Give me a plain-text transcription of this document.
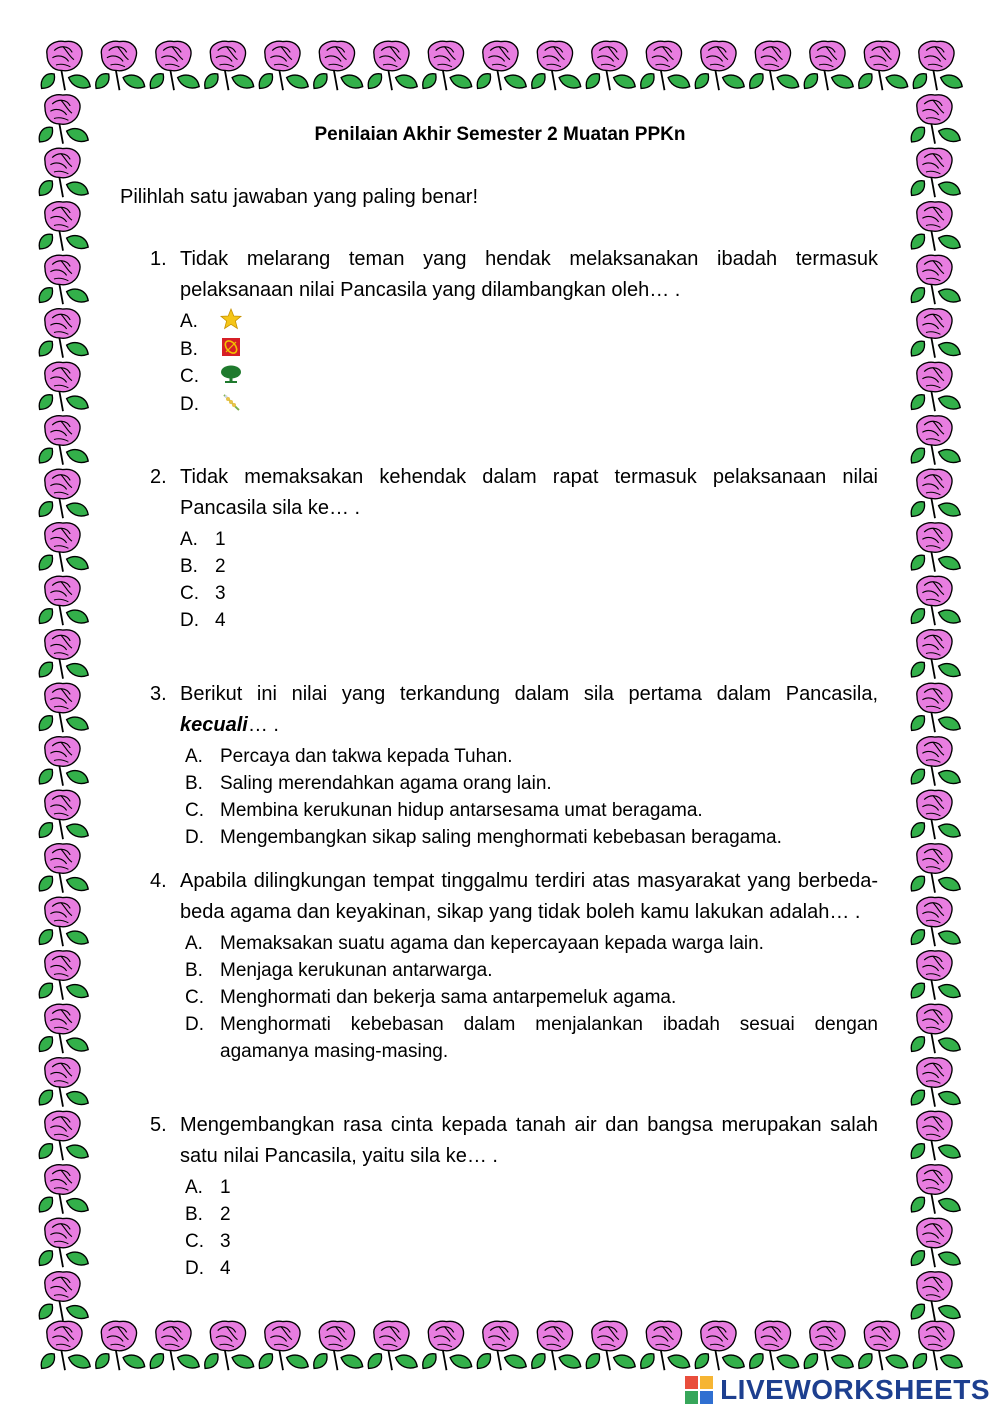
Penilaian Akhir Semester 2 Muatan PPKn
Pilihlah satu jawaban yang paling benar!
1. Tidak melarang teman yang hendak melaksanakan ibadah termasuk pelaksanaan nilai Pancasila yang dilambangkan oleh… .
A.
B.
C.
D.
2. Tidak memaksakan kehendak dalam rapat termasuk pelaksanaan nilai Pancasila sila ke… .
A. 1
B. 2
C. 3
D. 4
3. Berikut ini nilai yang terkandung dalam sila pertama dalam Pancasila, kecuali… .
A. Percaya dan takwa kepada Tuhan.
B. Saling merendahkan agama orang lain.
C. Membina kerukunan hidup antarsesama umat beragama.
D. Mengembangkan sikap saling menghormati kebebasan beragama.
4. Apabila dilingkungan tempat tinggalmu terdiri atas masyarakat yang berbeda-beda agama dan keyakinan, sikap yang tidak boleh kamu lakukan adalah… .
A. Memaksakan suatu agama dan kepercayaan kepada warga lain.
B. Menjaga kerukunan antarwarga.
C. Menghormati dan bekerja sama antarpemeluk agama.
D. Menghormati kebebasan dalam menjalankan ibadah sesuai dengan agamanya masing-masing.
5. Mengembangkan rasa cinta kepada tanah air dan bangsa merupakan salah satu nilai Pancasila, yaitu sila ke… .
A. 1
B. 2
C. 3
D. 4
LIVEWORKSHEETS
